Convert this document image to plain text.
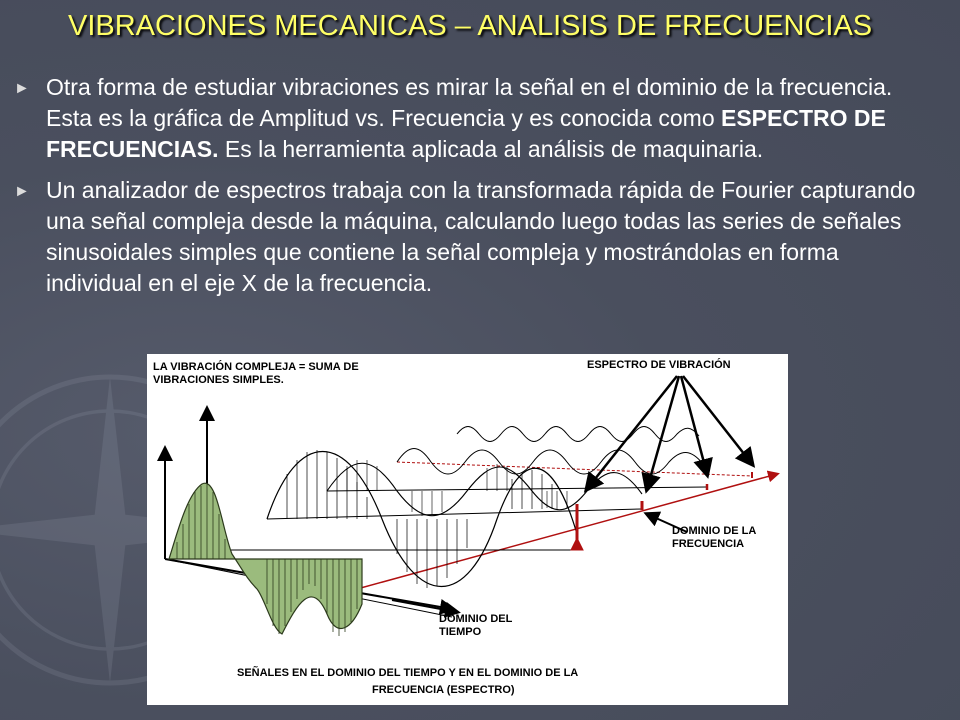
VIBRACIONES MECANICAS – ANALISIS DE FRECUENCIAS
► Otra forma de estudiar vibraciones es mirar la señal en el dominio de la frecuencia. Esta es la gráfica de Amplitud vs. Frecuencia y es conocida como ESPECTRO DE FRECUENCIAS. Es la herramienta aplicada al análisis de maquinaria.
► Un analizador de espectros trabaja con la transformada rápida de Fourier capturando una señal compleja desde la máquina, calculando luego todas las series de señales sinusoidales simples que contiene la señal compleja y mostrándolas en forma individual en el eje X de la frecuencia.
LA VIBRACIÓN COMPLEJA = SUMA DE
VIBRACIONES SIMPLES.
ESPECTRO DE VIBRACIÓN
DOMINIO DE LA
FRECUENCIA
DOMINIO DEL
TIEMPO
SEÑALES EN EL DOMINIO DEL TIEMPO Y EN EL DOMINIO DE LA
FRECUENCIA (ESPECTRO)
